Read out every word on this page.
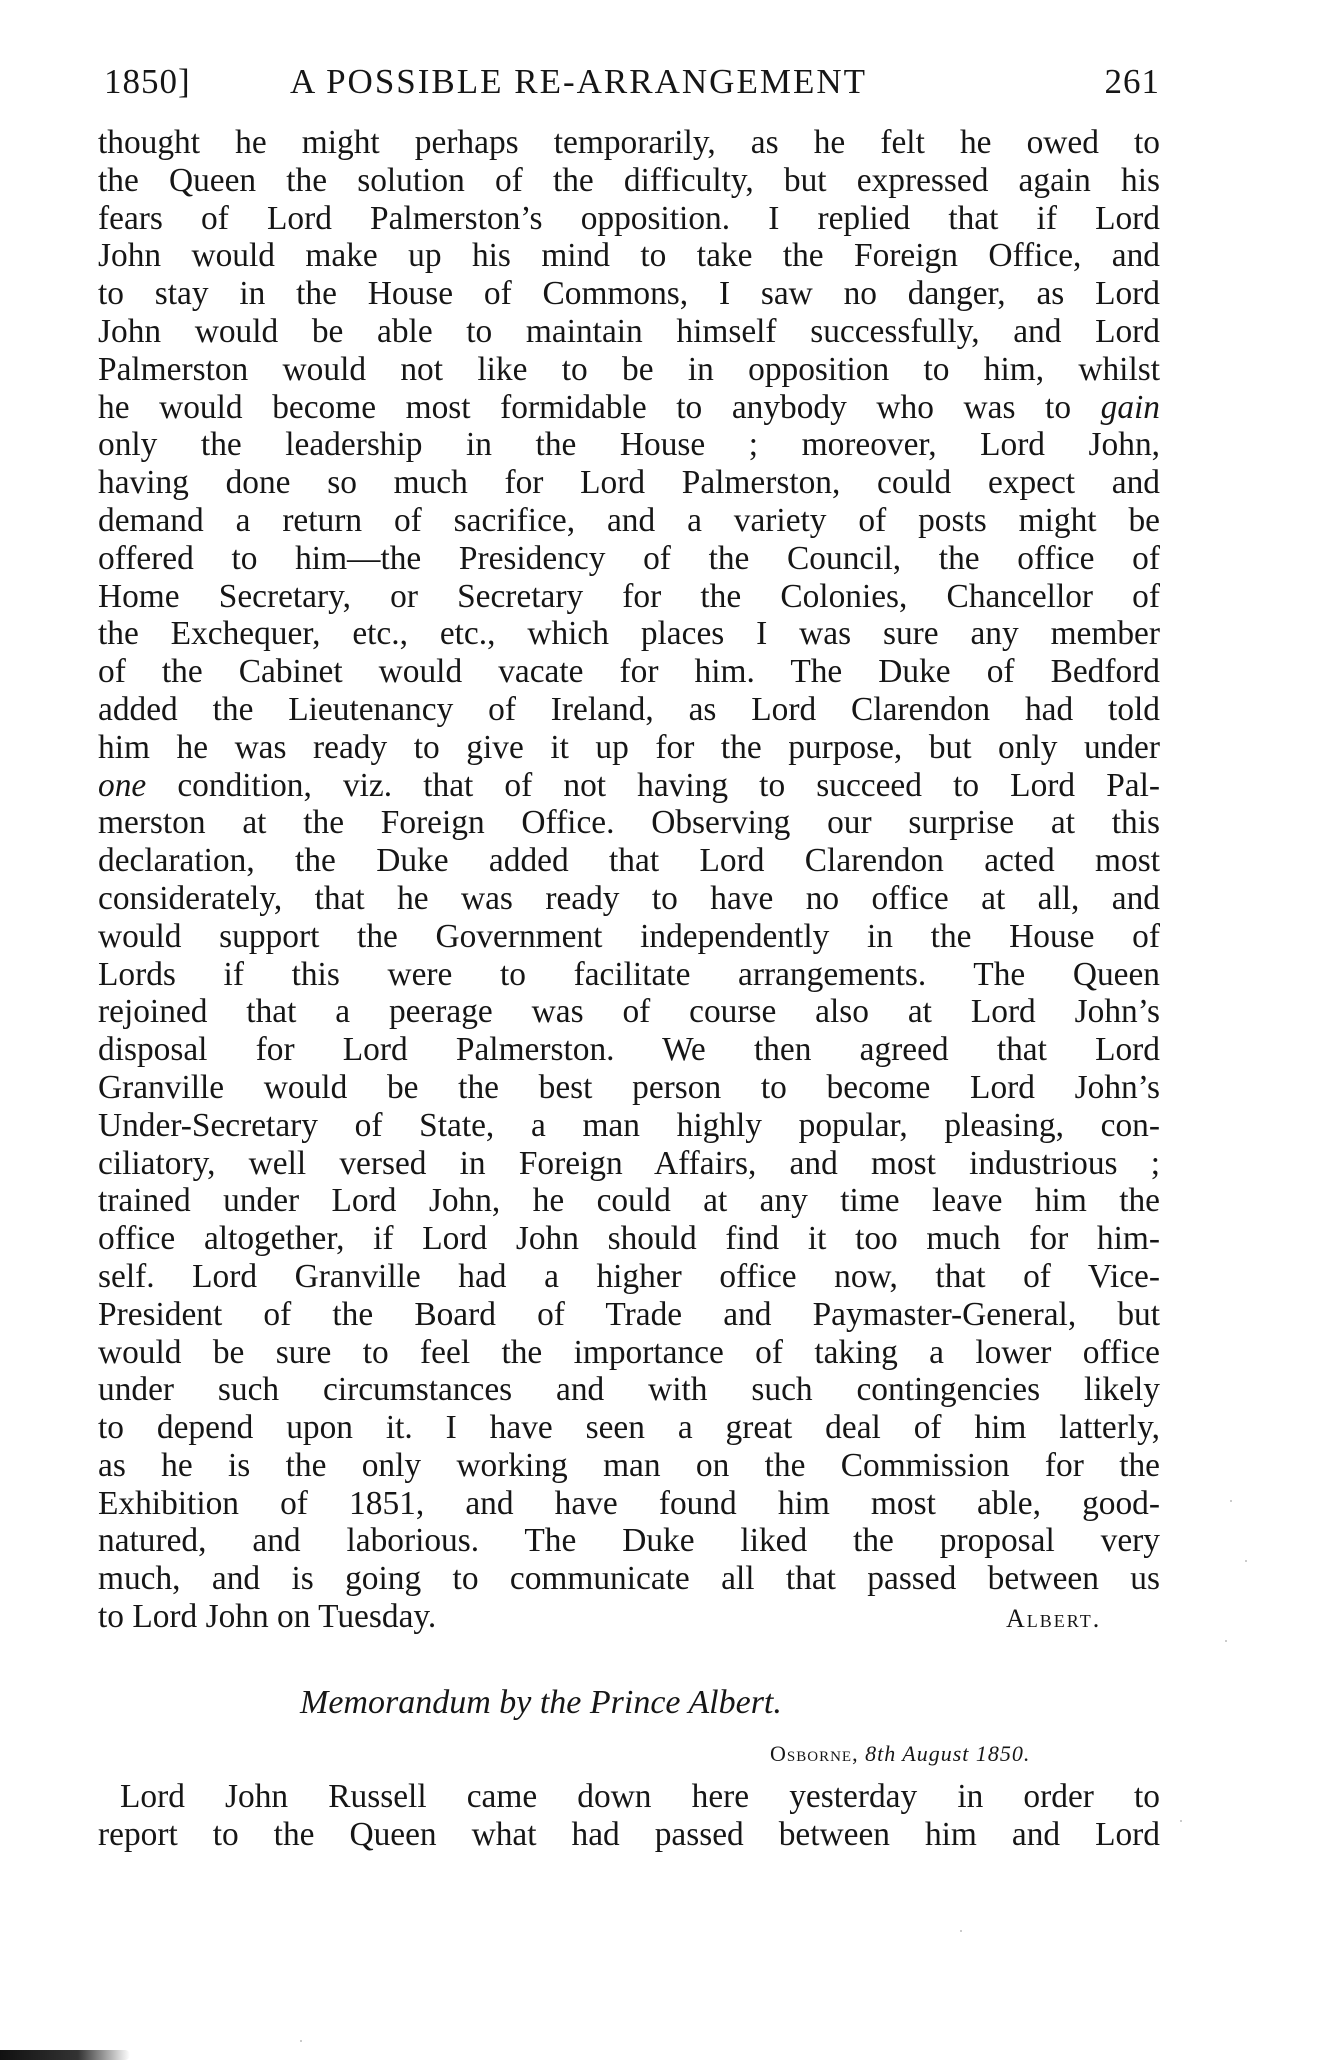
1850]	A POSSIBLE RE-ARRANGEMENT	261
thought he might perhaps temporarily, as he felt he owed to
the Queen the solution of the difficulty, but expressed again his
fears of Lord Palmerston’s opposition. I replied that if Lord
John would make up his mind to take the Foreign Office, and
to stay in the House of Commons, I saw no danger, as Lord
John would be able to maintain himself successfully, and Lord
Palmerston would not like to be in opposition to him, whilst
he would become most formidable to anybody who was to gain
only the leadership in the House ; moreover, Lord John,
having done so much for Lord Palmerston, could expect and
demand a return of sacrifice, and a variety of posts might be
offered to him—the Presidency of the Council, the office of
Home Secretary, or Secretary for the Colonies, Chancellor of
the Exchequer, etc., etc., which places I was sure any member
of the Cabinet would vacate for him. The Duke of Bedford
added the Lieutenancy of Ireland, as Lord Clarendon had told
him he was ready to give it up for the purpose, but only under
one condition, viz. that of not having to succeed to Lord Pal-
merston at the Foreign Office. Observing our surprise at this
declaration, the Duke added that Lord Clarendon acted most
considerately, that he was ready to have no office at all, and
would support the Government independently in the House of
Lords if this were to facilitate arrangements. The Queen
rejoined that a peerage was of course also at Lord John’s
disposal for Lord Palmerston. We then agreed that Lord
Granville would be the best person to become Lord John’s
Under-Secretary of State, a man highly popular, pleasing, con-
ciliatory, well versed in Foreign Affairs, and most industrious ;
trained under Lord John, he could at any time leave him the
office altogether, if Lord John should find it too much for him-
self. Lord Granville had a higher office now, that of Vice-
President of the Board of Trade and Paymaster-General, but
would be sure to feel the importance of taking a lower office
under such circumstances and with such contingencies likely
to depend upon it. I have seen a great deal of him latterly,
as he is the only working man on the Commission for the
Exhibition of 1851, and have found him most able, good-
natured, and laborious. The Duke liked the proposal very
much, and is going to communicate all that passed between us
to Lord John on Tuesday.	Albert.
Memorandum by the Prince Albert.
Osborne, 8th August 1850.
Lord John Russell came down here yesterday in order to
report to the Queen what had passed between him and Lord
